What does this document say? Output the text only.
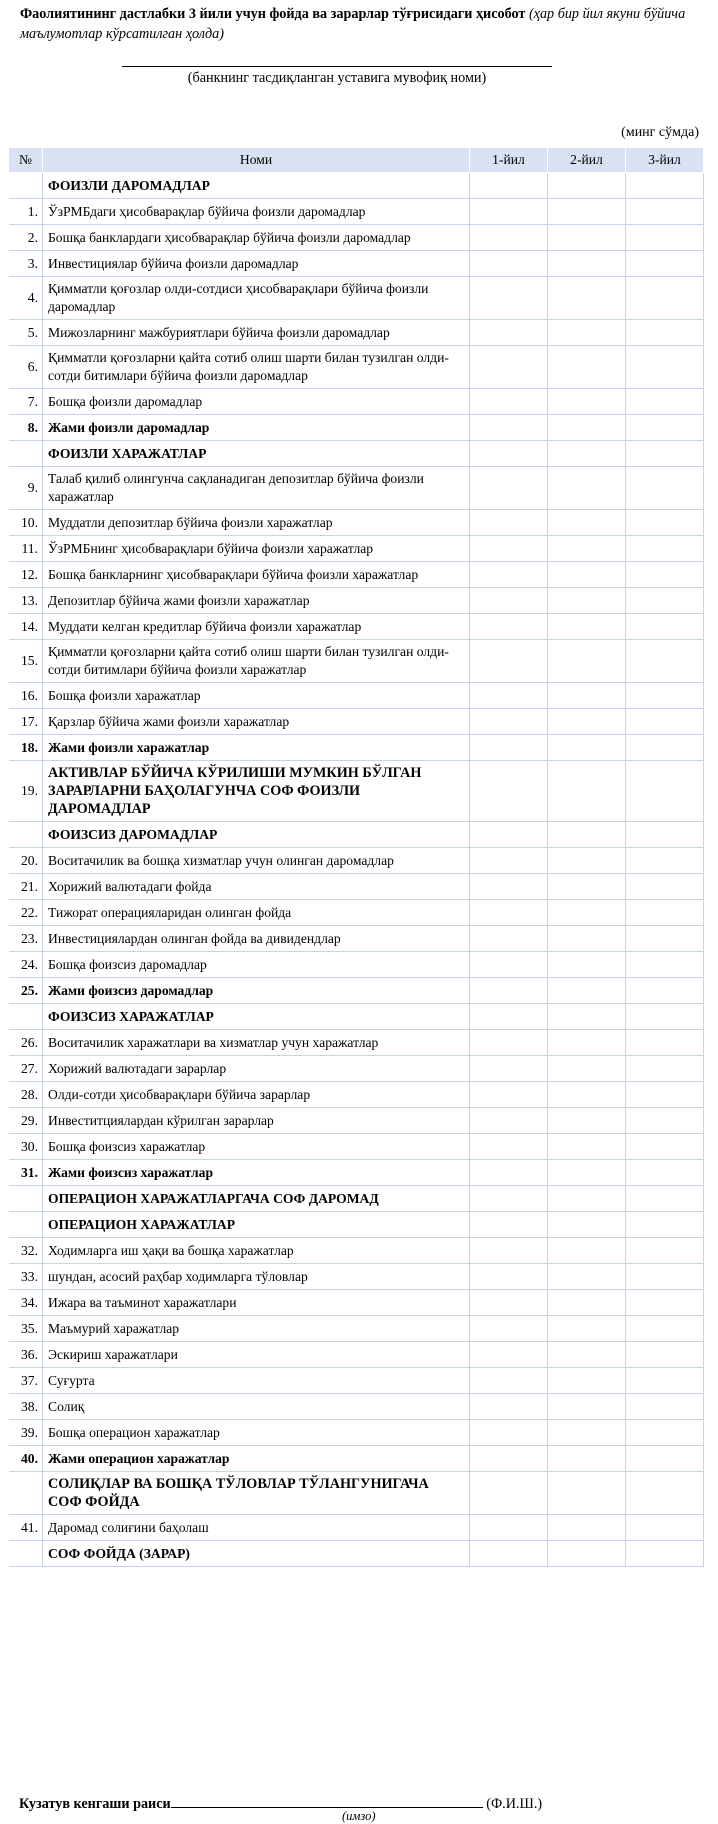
Фаолиятининг дастлабки 3 йили учун фойда ва зарарлар тўғрисидаги ҳисобот (ҳар бир йил якуни бўйича маълумотлар кўрсатилган ҳолда)
(банкнинг тасдиқланган уставига мувофиқ номи)
(минг сўмда)
№	Номи	1-йил	2-йил	3-йил
	ФОИЗЛИ ДАРОМАДЛАР			
1.	ЎзРМБдаги ҳисобварақлар бўйича фоизли даромадлар			
2.	Бошқа банклардаги ҳисобварақлар бўйича фоизли даромадлар			
3.	Инвестициялар бўйича фоизли даромадлар			
4.	Қимматли қоғозлар олди-сотдиси ҳисобварақлари бўйича фоизли даромадлар			
5.	Мижозларнинг мажбуриятлари бўйича фоизли даромадлар			
6.	Қимматли қоғозларни қайта сотиб олиш шарти билан тузилган олди-сотди битимлари бўйича фоизли даромадлар			
7.	Бошқа фоизли даромадлар			
8.	Жами фоизли даромадлар			
	ФОИЗЛИ ХАРАЖАТЛАР			
9.	Талаб қилиб олингунча сақланадиган депозитлар бўйича фоизли харажатлар			
10.	Муддатли депозитлар бўйича фоизли харажатлар			
11.	ЎзРМБнинг ҳисобварақлари бўйича фоизли харажатлар			
12.	Бошқа банкларнинг ҳисобварақлари бўйича фоизли харажатлар			
13.	Депозитлар бўйича жами фоизли харажатлар			
14.	Муддати келган кредитлар бўйича фоизли харажатлар			
15.	Қимматли қоғозларни қайта сотиб олиш шарти билан тузилган олди-сотди битимлари бўйича фоизли харажатлар			
16.	Бошқа фоизли харажатлар			
17.	Қарзлар бўйича жами фоизли харажатлар			
18.	Жами фоизли харажатлар			
19.	АКТИВЛАР БЎЙИЧА КЎРИЛИШИ МУМКИН БЎЛГАН ЗАРАРЛАРНИ БАҲОЛАГУНЧА СОФ ФОИЗЛИ ДАРОМАДЛАР			
	ФОИЗСИЗ ДАРОМАДЛАР			
20.	Воситачилик ва бошқа хизматлар учун олинган даромадлар			
21.	Хорижий валютадаги фойда			
22.	Тижорат операцияларидан олинган фойда			
23.	Инвестициялардан олинган фойда ва дивидендлар			
24.	Бошқа фоизсиз даромадлар			
25.	Жами фоизсиз даромадлар			
	ФОИЗСИЗ ХАРАЖАТЛАР			
26.	Воситачилик харажатлари ва хизматлар учун харажатлар			
27.	Хорижий валютадаги зарарлар			
28.	Олди-сотди ҳисобварақлари бўйича зарарлар			
29.	Инвеститциялардан кўрилган зарарлар			
30.	Бошқа фоизсиз харажатлар			
31.	Жами фоизсиз харажатлар			
	ОПЕРАЦИОН ХАРАЖАТЛАРГАЧА СОФ ДАРОМАД			
	ОПЕРАЦИОН ХАРАЖАТЛАР			
32.	Ходимларга иш ҳақи ва бошқа харажатлар			
33.	шундан, асосий раҳбар ходимларга тўловлар			
34.	Ижара ва таъминот харажатлари			
35.	Маъмурий харажатлар			
36.	Эскириш харажатлари			
37.	Суғурта			
38.	Солиқ			
39.	Бошқа операцион харажатлар			
40.	Жами операцион харажатлар			
	СОЛИҚЛАР ВА БОШҚА ТЎЛОВЛАР ТЎЛАНГУНИГАЧА СОФ ФОЙДА			
41.	Даромад солиғини баҳолаш			
	СОФ ФОЙДА (ЗАРАР)			
Кузатув кенгаши раиси	(Ф.И.Ш.)
(имзо)
